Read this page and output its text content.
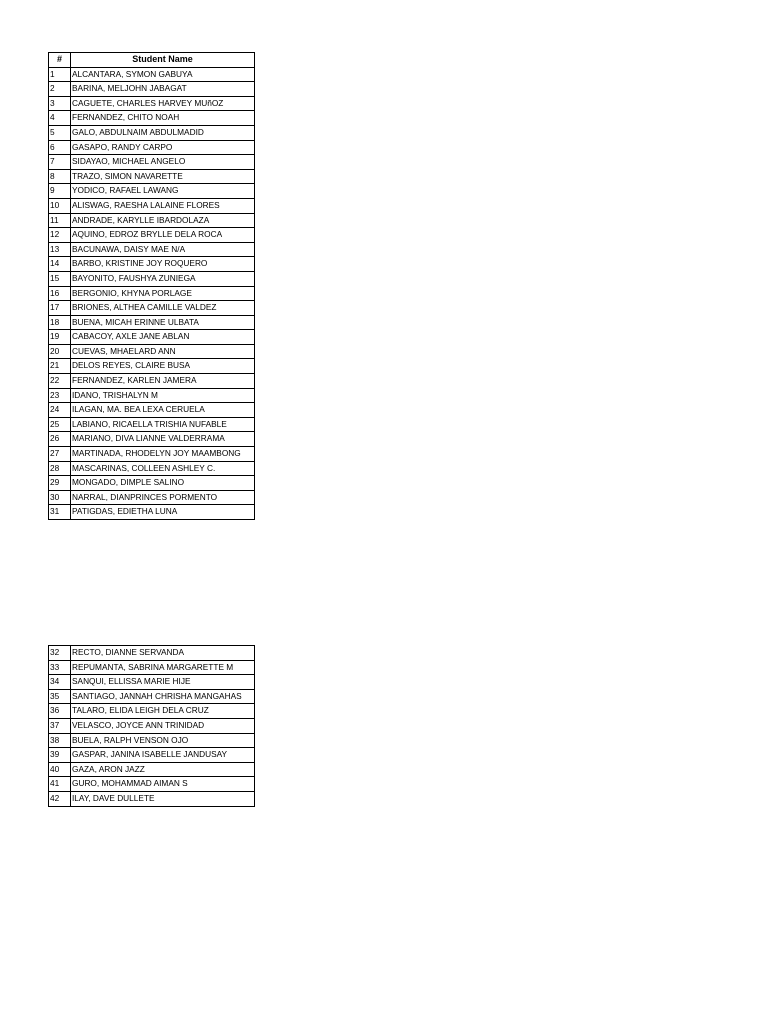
#	Student Name
1	ALCANTARA, SYMON GABUYA
2	BARINA, MELJOHN JABAGAT
3	CAGUETE, CHARLES HARVEY MUñOZ
4	FERNANDEZ, CHITO NOAH
5	GALO, ABDULNAIM ABDULMADID
6	GASAPO, RANDY CARPO
7	SIDAYAO, MICHAEL ANGELO
8	TRAZO, SIMON NAVARETTE
9	YODICO, RAFAEL LAWANG
10	ALISWAG, RAESHA LALAINE FLORES
11	ANDRADE, KARYLLE IBARDOLAZA
12	AQUINO, EDROZ BRYLLE DELA ROCA
13	BACUNAWA, DAISY MAE N/A
14	BARBO, KRISTINE JOY ROQUERO
15	BAYONITO, FAUSHYA ZUNIEGA
16	BERGONIO, KHYNA PORLAGE
17	BRIONES, ALTHEA CAMILLE VALDEZ
18	BUENA, MICAH ERINNE ULBATA
19	CABACOY, AXLE JANE ABLAN
20	CUEVAS, MHAELARD ANN
21	DELOS REYES, CLAIRE BUSA
22	FERNANDEZ, KARLEN JAMERA
23	IDANO, TRISHALYN M
24	ILAGAN, MA. BEA LEXA CERUELA
25	LABIANO, RICAELLA TRISHIA NUFABLE
26	MARIANO, DIVA LIANNE VALDERRAMA
27	MARTINADA, RHODELYN JOY MAAMBONG
28	MASCARINAS, COLLEEN ASHLEY C.
29	MONGADO, DIMPLE SALINO
30	NARRAL, DIANPRINCES PORMENTO
31	PATIGDAS, EDIETHA LUNA
32	RECTO, DIANNE SERVANDA
33	REPUMANTA, SABRINA MARGARETTE M
34	SANQUI, ELLISSA MARIE HIJE
35	SANTIAGO, JANNAH CHRISHA MANGAHAS
36	TALARO, ELIDA LEIGH DELA CRUZ
37	VELASCO, JOYCE ANN TRINIDAD
38	BUELA, RALPH VENSON OJO
39	GASPAR, JANINA ISABELLE JANDUSAY
40	GAZA, ARON JAZZ
41	GURO, MOHAMMAD AIMAN S
42	ILAY, DAVE DULLETE
